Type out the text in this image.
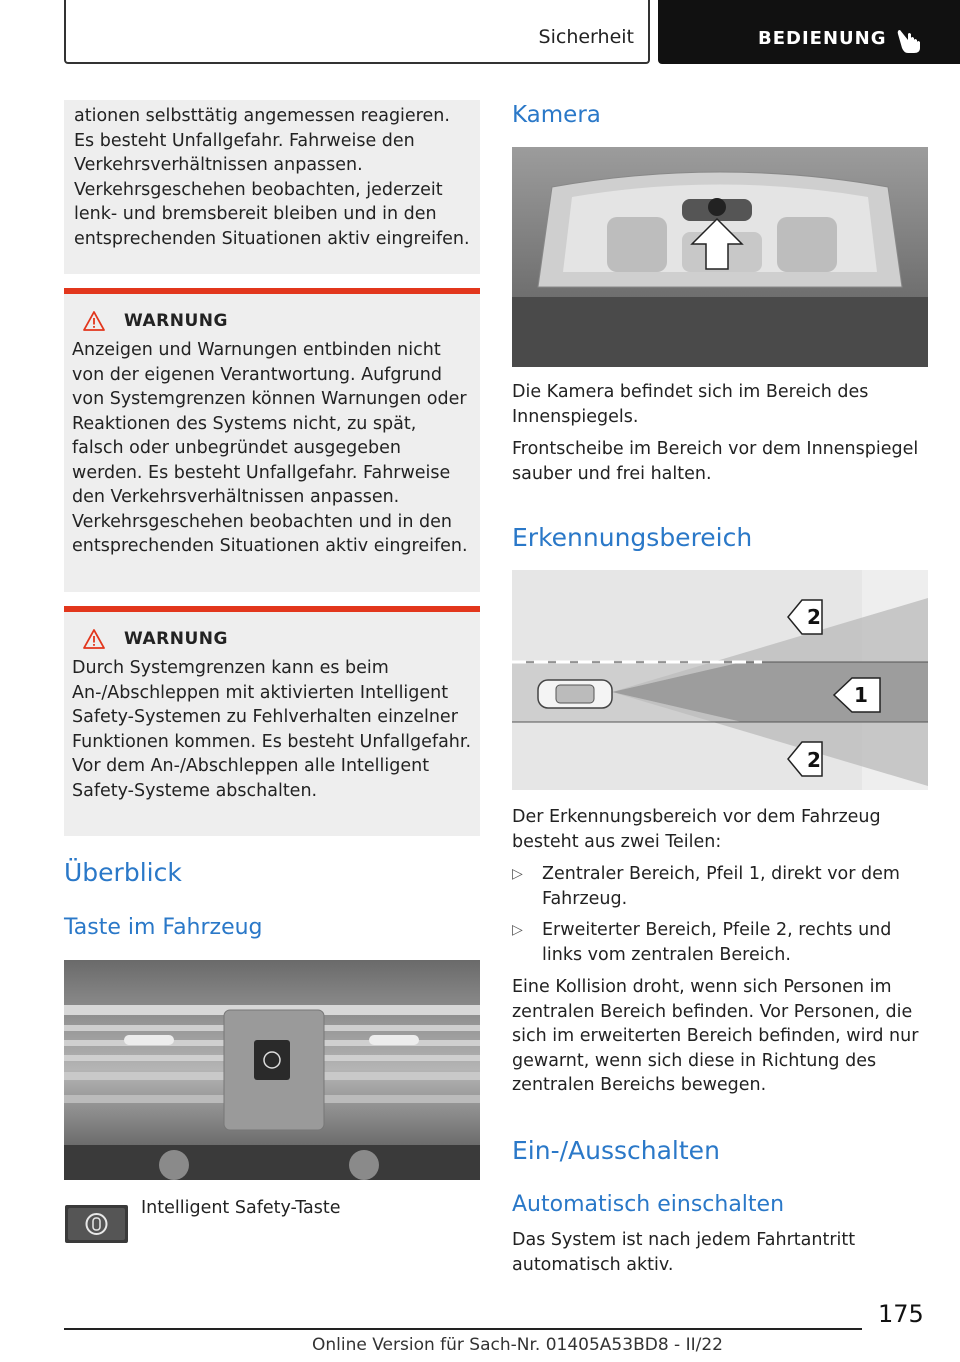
Sicherheit	BEDIENUNG

ationen selbsttätig angemessen reagieren. Es besteht Unfallgefahr. Fahrweise den Verkehrsverhältnissen anpassen. Verkehrsgeschehen beobachten, jederzeit lenk- und bremsbereit bleiben und in den entsprechenden Situationen aktiv eingreifen.

WARNUNG

Anzeigen und Warnungen entbinden nicht von der eigenen Verantwortung. Aufgrund von Systemgrenzen können Warnungen oder Reaktionen des Systems nicht, zu spät, falsch oder unbegründet ausgegeben werden. Es besteht Unfallgefahr. Fahrweise den Verkehrsverhältnissen anpassen. Verkehrsgeschehen beobachten und in den entsprechenden Situationen aktiv eingreifen.

WARNUNG

Durch Systemgrenzen kann es beim An-/Abschleppen mit aktivierten Intelligent Safety-Systemen zu Fehlverhalten einzelner Funktionen kommen. Es besteht Unfallgefahr. Vor dem An-/Abschleppen alle Intelligent Safety-Systeme abschalten.

Überblick
Taste im Fahrzeug
Intelligent Safety-Taste
Kamera
Die Kamera befindet sich im Bereich des Innenspiegels.
Frontscheibe im Bereich vor dem Innenspiegel sauber und frei halten.
Erkennungsbereich
2
1
2
Der Erkennungsbereich vor dem Fahrzeug besteht aus zwei Teilen:
▷ Zentraler Bereich, Pfeil 1, direkt vor dem Fahrzeug.
▷ Erweiterter Bereich, Pfeile 2, rechts und links vom zentralen Bereich.
Eine Kollision droht, wenn sich Personen im zentralen Bereich befinden. Vor Personen, die sich im erweiterten Bereich befinden, wird nur gewarnt, wenn sich diese in Richtung des zentralen Bereichs bewegen.
Ein-/Ausschalten
Automatisch einschalten
Das System ist nach jedem Fahrtantritt automatisch aktiv.
175
Online Version für Sach-Nr. 01405A53BD8 - II/22
